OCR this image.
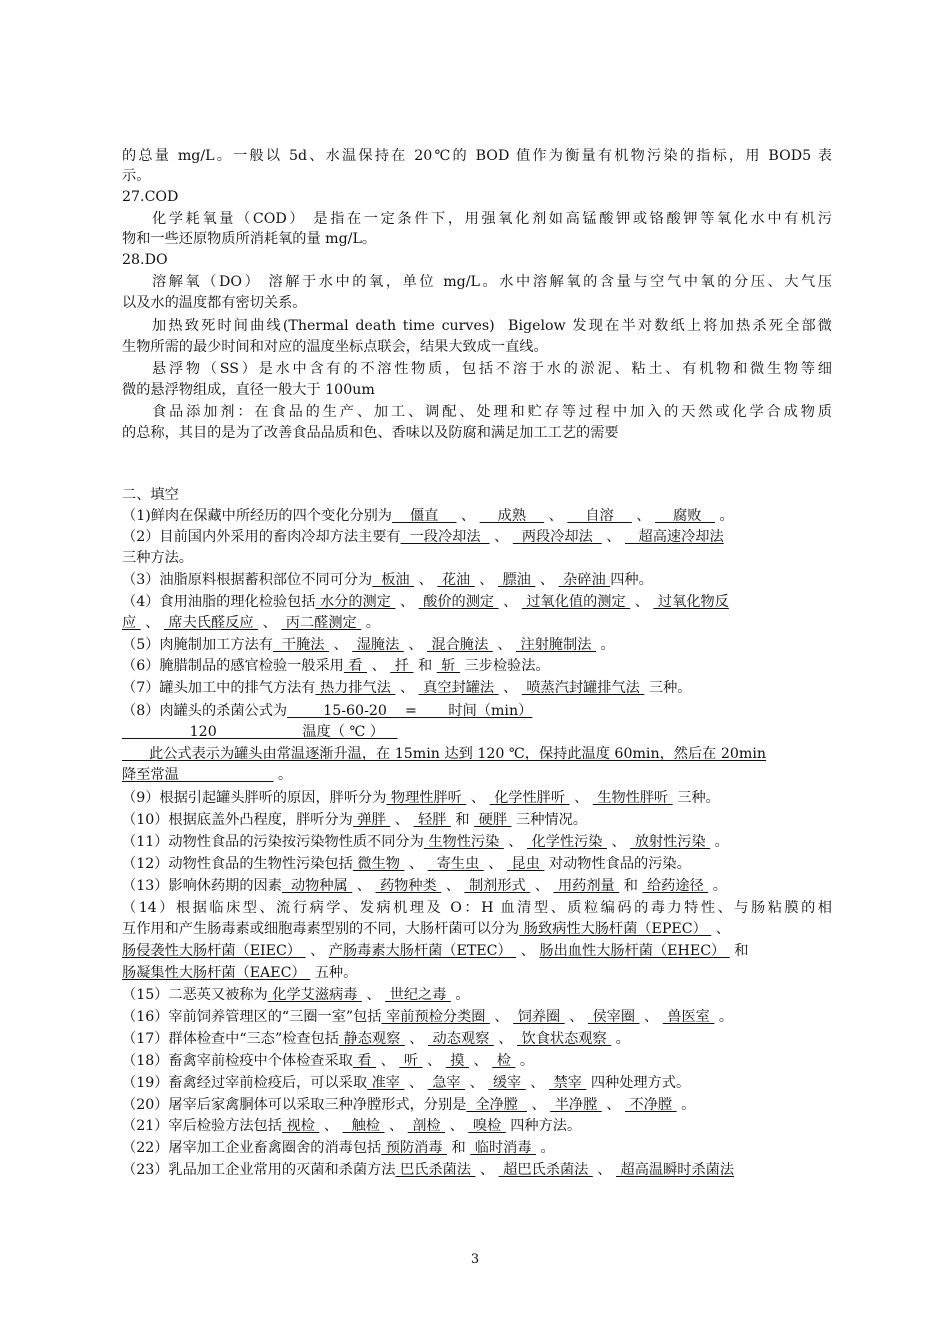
的总量 mg/L。一般以 5d、水温保持在 20℃的 BOD 值作为衡量有机物污染的指标，用 BOD5 表
示。
27.COD
化学耗氧量（COD） 是指在一定条件下，用强氧化剂如高锰酸钾或铬酸钾等氧化水中有机污
物和一些还原物质所消耗氧的量 mg/L。
28.DO
溶解氧（DO） 溶解于水中的氧，单位 mg/L。水中溶解氧的含量与空气中氧的分压、大气压
以及水的温度都有密切关系。
加热致死时间曲线(Thermal death time curves)  Bigelow 发现在半对数纸上将加热杀死全部微
生物所需的最少时间和对应的温度坐标点联会，结果大致成一直线。
悬浮物（SS）是水中含有的不溶性物质，包括不溶于水的淤泥、粘土、有机物和微生物等细
微的悬浮物组成，直径一般大于 100um
食品添加剂：在食品的生产、加工、调配、处理和贮存等过程中加入的天然或化学合成物质
的总称，其目的是为了改善食品品质和色、香味以及防腐和满足加工工艺的需要
二、填空
（1)鲜肉在保藏中所经历的四个变化分别为    僵直     、     成熟     、     自溶     、     腐败    。
（2）目前国内外采用的畜肉冷却方法主要有  一段冷却法   、   两段冷却法   、    超高速冷却法
三种方法。
（3）油脂原料根据蓄积部位不同可分为  板油  、  花油  、  膘油  、  杂碎油 四种。
（4）食用油脂的理化检验包括 水分的测定  、  酸价的测定  、  过氧化值的测定  、  过氧化物反
应  、  席夫氏醛反应  、  丙二醛测定  。
（5）肉腌制加工方法有  干腌法  、  湿腌法  、  混合腌法  、  注射腌制法  。
（6）腌腊制品的感官检验一般采用 看  、  扦  和  斩  三步检验法。
（7）罐头加工中的排气方法有 热力排气法  、  真空封罐法  、  喷蒸汽封罐排气法  三种。
（8）肉罐头的杀菌公式为        15-60-20    =       时间（min）
120                   温度（ ℃ ）
此公式表示为罐头由常温逐渐升温，在 15min 达到 120 ℃，保持此温度 60min，然后在 20min
降至常温                      。
（9）根据引起罐头胖听的原因，胖听分为 物理性胖听  、  化学性胖听  、  生物性胖听  三种。
（10）根据底盖外凸程度，胖听分为 弹胖  、  轻胖  和  硬胖  三种情况。
（11）动物性食品的污染按污染物性质不同分为 生物性污染  、  化学性污染  、  放射性污染  。
（12）动物性食品的生物性污染包括 微生物  、   寄生虫  、  昆虫  对动物性食品的污染。
（13）影响休药期的因素  动物种属  、  药物种类  、  制剂形式  、  用药剂量  和  给药途径  。
（14）根据临床型、流行病学、发病机理及 O：H 血清型、质粒编码的毒力特性、与肠粘膜的相
互作用和产生肠毒素或细胞毒素型别的不同，大肠杆菌可以分为 肠致病性大肠杆菌（EPEC）  、
肠侵袭性大肠杆菌（EIEC）  、 产肠毒素大肠杆菌（ETEC）  、 肠出血性大肠杆菌（EHEC）  和
肠凝集性大肠杆菌（EAEC）  五种。
（15）二恶英又被称为 化学艾滋病毒  、  世纪之毒  。
（16）宰前饲养管理区的“三圈一室”包括 宰前预检分类圈  、  饲养圈  、  侯宰圈  、  兽医室  。
（17）群体检查中“三态”检查包括 静态观察  、  动态观察  、  饮食状态观察  。
（18）畜禽宰前检疫中个体检查采取 看  、  听  、  摸  、  检  。
（19）畜禽经过宰前检疫后，可以采取 准宰  、  急宰  、  缓宰  、  禁宰  四种处理方式。
（20）屠宰后家禽胴体可以采取三种净膛形式，分别是  全净膛   、  半净膛  、  不净膛  。
（21）宰后检验方法包括 视检  、   触检  、  剖检  、  嗅检  四种方法。
（22）屠宰加工企业畜禽圈舍的消毒包括 预防消毒  和  临时消毒  。
（23）乳品加工企业常用的灭菌和杀菌方法 巴氏杀菌法  、  超巴氏杀菌法  、  超高温瞬时杀菌法
3
